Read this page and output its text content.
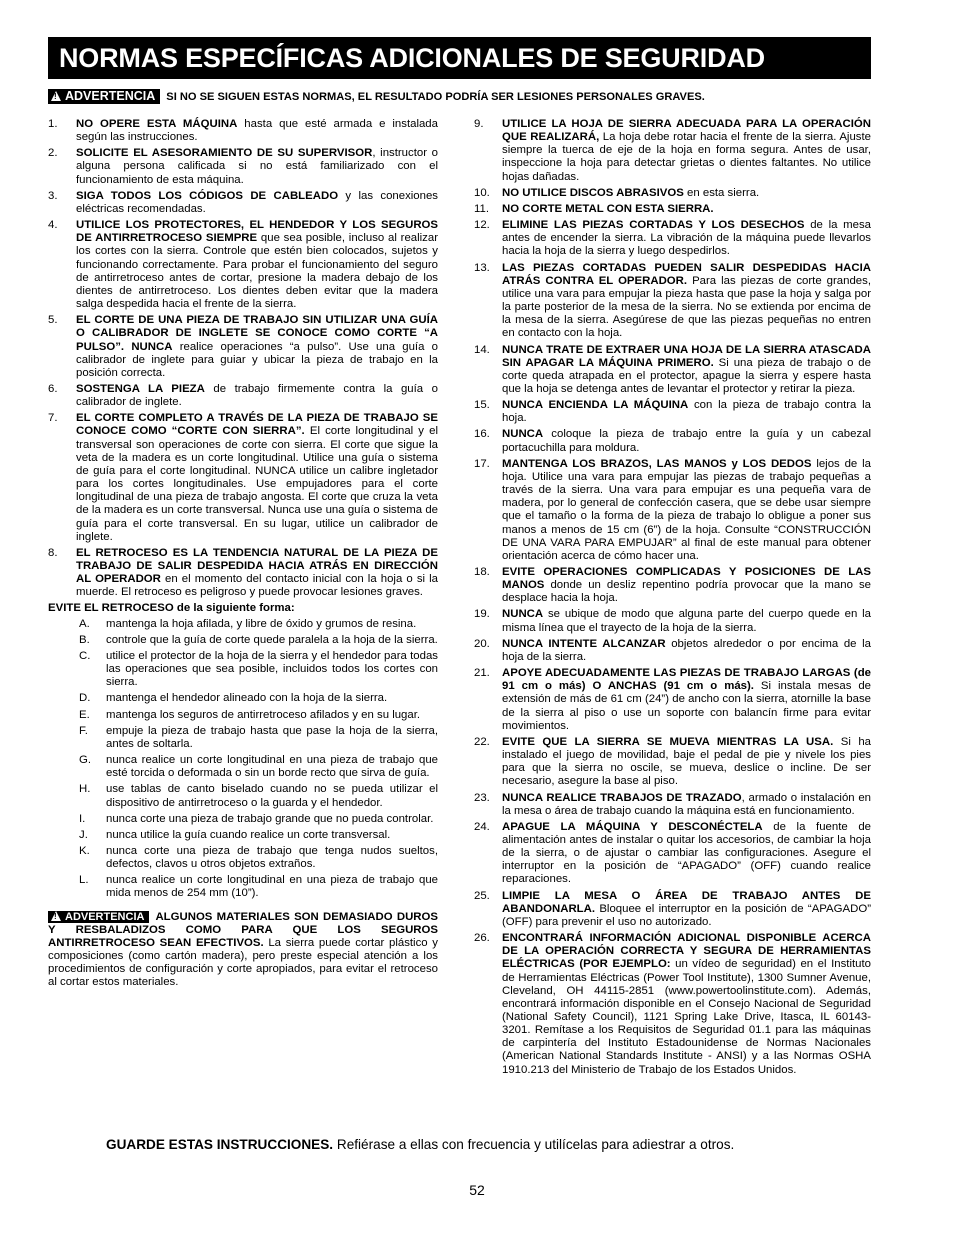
NORMAS ESPECÍFICAS ADICIONALES DE SEGURIDAD
!ADVERTENCIA SI NO SE SIGUEN ESTAS NORMAS, EL RESULTADO PODRÍA SER LESIONES PERSONALES GRAVES.
1. NO OPERE ESTA MÁQUINA hasta que esté armada e instalada según las instrucciones.
2. SOLICITE EL ASESORAMIENTO DE SU SUPERVISOR, instructor o alguna persona calificada si no está familiarizado con el funcionamiento de esta máquina.
3. SIGA TODOS LOS CÓDIGOS DE CABLEADO y las conexiones eléctricas recomendadas.
4. UTILICE LOS PROTECTORES, EL HENDEDOR Y LOS SEGUROS DE ANTIRRETROCESO SIEMPRE que sea posible, incluso al realizar los cortes con la sierra. Controle que estén bien colocados, sujetos y funcionando correctamente. Para probar el funcionamiento del seguro de antirretroceso antes de cortar, presione la madera debajo de los dientes de antirretroceso. Los dientes deben evitar que la madera salga despedida hacia el frente de la sierra.
5. EL CORTE DE UNA PIEZA DE TRABAJO SIN UTILIZAR UNA GUÍA O CALIBRADOR DE INGLETE SE CONOCE COMO CORTE “A PULSO”. NUNCA realice operaciones “a pulso”. Use una guía o calibrador de inglete para guiar y ubicar la pieza de trabajo en la posición correcta.
6. SOSTENGA LA PIEZA de trabajo firmemente contra la guía o calibrador de inglete.
7. EL CORTE COMPLETO A TRAVÉS DE LA PIEZA DE TRABAJO SE CONOCE COMO “CORTE CON SIERRA”. El corte longitudinal y el transversal son operaciones de corte con sierra. El corte que sigue la veta de la madera es un corte longitudinal. Utilice una guía o sistema de guía para el corte longitudinal. NUNCA utilice un calibre ingletador para los cortes longitudinales. Use empujadores para el corte longitudinal de una pieza de trabajo angosta. El corte que cruza la veta de la madera es un corte transversal. Nunca use una guía o sistema de guía para el corte transversal. En su lugar, utilice un calibrador de inglete.
8. EL RETROCESO ES LA TENDENCIA NATURAL DE LA PIEZA DE TRABAJO DE SALIR DESPEDIDA HACIA ATRÁS EN DIRECCIÓN AL OPERADOR en el momento del contacto inicial con la hoja o si la muerde. El retroceso es peligroso y puede provocar lesiones graves.
EVITE EL RETROCESO de la siguiente forma:
A. mantenga la hoja afilada, y libre de óxido y grumos de resina.
B. controle que la guía de corte quede paralela a la hoja de la sierra.
C. utilice el protector de la hoja de la sierra y el hendedor para todas las operaciones que sea posible, incluidos todos los cortes con sierra.
D. mantenga el hendedor alineado con la hoja de la sierra.
E. mantenga los seguros de antirretroceso afilados y en su lugar.
F. empuje la pieza de trabajo hasta que pase la hoja de la sierra, antes de soltarla.
G. nunca realice un corte longitudinal en una pieza de trabajo que esté torcida o deformada o sin un borde recto que sirva de guía.
H. use tablas de canto biselado cuando no se pueda utilizar el dispositivo de antirretroceso o la guarda y el hendedor.
I. nunca corte una pieza de trabajo grande que no pueda controlar.
J. nunca utilice la guía cuando realice un corte transversal.
K. nunca corte una pieza de trabajo que tenga nudos sueltos, defectos, clavos u otros objetos extraños.
L. nunca realice un corte longitudinal en una pieza de trabajo que mida menos de 254 mm (10”).
!ADVERTENCIA ALGUNOS MATERIALES SON DEMASIADO DUROS Y RESBALADIZOS COMO PARA QUE LOS SEGUROS ANTIRRETROCESO SEAN EFECTIVOS. La sierra puede cortar plástico y composiciones (como cartón madera), pero preste especial atención a los procedimientos de configuración y corte apropiados, para evitar el retroceso al cortar estos materiales.
9. UTILICE LA HOJA DE SIERRA ADECUADA PARA LA OPERACIÓN QUE REALIZARÁ, La hoja debe rotar hacia el frente de la sierra. Ajuste siempre la tuerca de eje de la hoja en forma segura. Antes de usar, inspeccione la hoja para detectar grietas o dientes faltantes. No utilice hojas dañadas.
10. NO UTILICE DISCOS ABRASIVOS en esta sierra.
11. NO CORTE METAL CON ESTA SIERRA.
12. ELIMINE LAS PIEZAS CORTADAS Y LOS DESECHOS de la mesa antes de encender la sierra. La vibración de la máquina puede llevarlos hacia la hoja de la sierra y luego despedirlos.
13. LAS PIEZAS CORTADAS PUEDEN SALIR DESPEDIDAS HACIA ATRÁS CONTRA EL OPERADOR. Para las piezas de corte grandes, utilice una vara para empujar la pieza hasta que pase la hoja y salga por la parte posterior de la mesa de la sierra. No se extienda por encima de la mesa de la sierra. Asegúrese de que las piezas pequeñas no entren en contacto con la hoja.
14. NUNCA TRATE DE EXTRAER UNA HOJA DE LA SIERRA ATASCADA SIN APAGAR LA MÁQUINA PRIMERO. Si una pieza de trabajo o de corte queda atrapada en el protector, apague la sierra y espere hasta que la hoja se detenga antes de levantar el protector y retirar la pieza.
15. NUNCA ENCIENDA LA MÁQUINA con la pieza de trabajo contra la hoja.
16. NUNCA coloque la pieza de trabajo entre la guía y un cabezal portacuchilla para moldura.
17. MANTENGA LOS BRAZOS, LAS MANOS y LOS DEDOS lejos de la hoja. Utilice una vara para empujar las piezas de trabajo pequeñas a través de la sierra. Una vara para empujar es una pequeña vara de madera, por lo general de confección casera, que se debe usar siempre que el tamaño o la forma de la pieza de trabajo lo obligue a poner sus manos a menos de 15 cm (6”) de la hoja. Consulte “CONSTRUCCIÓN DE UNA VARA PARA EMPUJAR” al final de este manual para obtener orientación acerca de cómo hacer una.
18. EVITE OPERACIONES COMPLICADAS Y POSICIONES DE LAS MANOS donde un desliz repentino podría provocar que la mano se desplace hacia la hoja.
19. NUNCA se ubique de modo que alguna parte del cuerpo quede en la misma línea que el trayecto de la hoja de la sierra.
20. NUNCA INTENTE ALCANZAR objetos alrededor o por encima de la hoja de la sierra.
21. APOYE ADECUADAMENTE LAS PIEZAS DE TRABAJO LARGAS (de 91 cm o más) O ANCHAS (91 cm o más). Si instala mesas de extensión de más de 61 cm (24”) de ancho con la sierra, atornille la base de la sierra al piso o use un soporte con balancín firme para evitar movimientos.
22. EVITE QUE LA SIERRA SE MUEVA MIENTRAS LA USA. Si ha instalado el juego de movilidad, baje el pedal de pie y nivele los pies para que la sierra no oscile, se mueva, deslice o incline. De ser necesario, asegure la base al piso.
23. NUNCA REALICE TRABAJOS DE TRAZADO, armado o instalación en la mesa o área de trabajo cuando la máquina está en funcionamiento.
24. APAGUE LA MÁQUINA Y DESCONÉCTELA de la fuente de alimentación antes de instalar o quitar los accesorios, de cambiar la hoja de la sierra, o de ajustar o cambiar las configuraciones. Asegure el interruptor en la posición de “APAGADO” (OFF) cuando realice reparaciones.
25. LIMPIE LA MESA O ÁREA DE TRABAJO ANTES DE ABANDONARLA. Bloquee el interruptor en la posición de “APAGADO” (OFF) para prevenir el uso no autorizado.
26. ENCONTRARÁ INFORMACIÓN ADICIONAL DISPONIBLE ACERCA DE LA OPERACIÓN CORRECTA Y SEGURA DE HERRAMIENTAS ELÉCTRICAS (POR EJEMPLO: un vídeo de seguridad) en el Instituto de Herramientas Eléctricas (Power Tool Institute), 1300 Sumner Avenue, Cleveland, OH 44115-2851 (www.powertoolinstitute.com). Además, encontrará información disponible en el Consejo Nacional de Seguridad (National Safety Council), 1121 Spring Lake Drive, Itasca, IL 60143-3201. Remítase a los Requisitos de Seguridad 01.1 para las máquinas de carpintería del Instituto Estadounidense de Normas Nacionales (American National Standards Institute - ANSI) y a las Normas OSHA 1910.213 del Ministerio de Trabajo de los Estados Unidos.
GUARDE ESTAS INSTRUCCIONES. Refiérase a ellas con frecuencia y utilícelas para adiestrar a otros.
52
